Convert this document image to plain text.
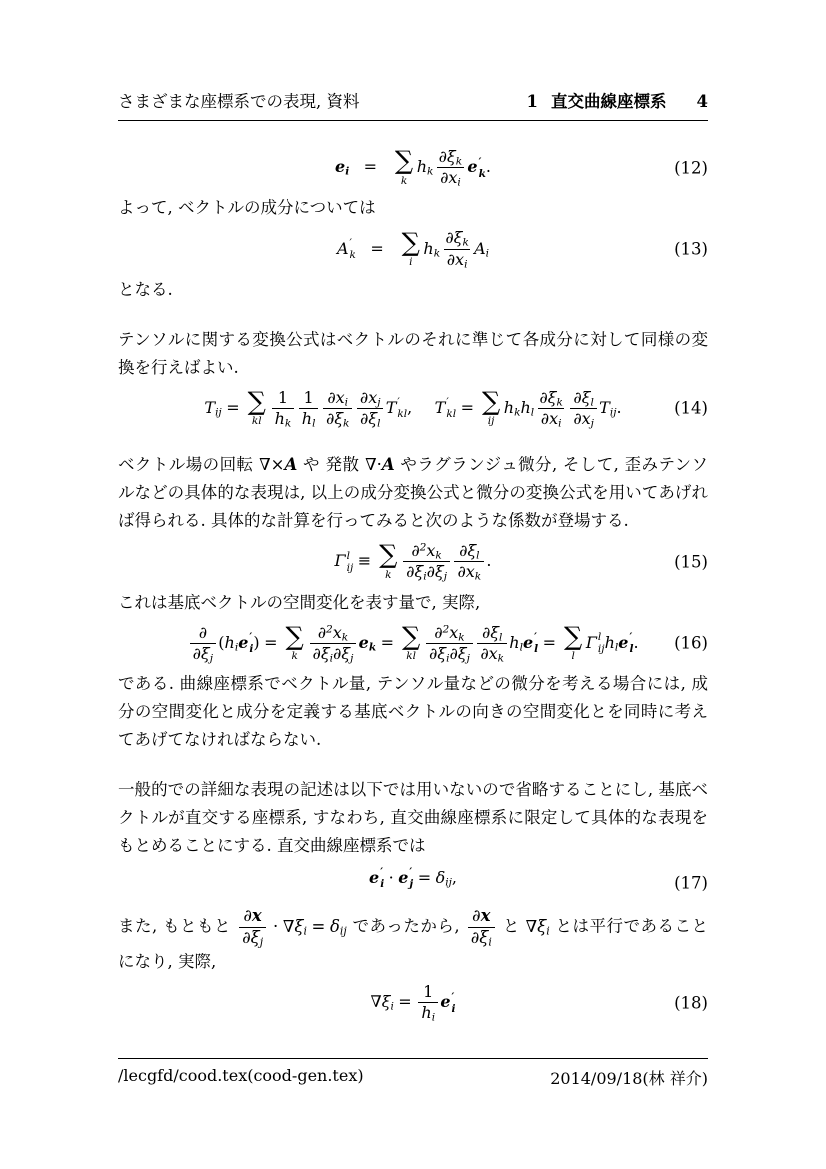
さまざまな座標系での表現, 資料	1 直交曲線座標系 4
ei = ∑
k
hk $\frac{\partial\xi k}{\partial xi}$ e ′
k .	(12)
よって, ベクトルの成分については
A ′
k = ∑
i
hk $\frac{\partial\xi k}{\partial xi}$ Ai	(13)
となる.
テンソルに関する変換公式はベクトルのそれに準じて各成分に対して同様の変換を行えばよい.
Tij = ∑
kl $\frac{1}{hk} \frac{1}{hl} \frac{\partial xi}{\partial\xi k} \frac{\partial xj}{\partial\xi l}$ T ′
kl , T ′
kl = ∑
ij
hkhl $\frac{\partial\xi k}{\partial xi} \frac{\partial\xi l}{\partial xj}$ Tij.	(14)
ベクトル場の回転 ∇×A や 発散 ∇·A やラグランジュ微分, そして, 歪みテンソルなどの具体的な表現は, 以上の成分変換公式と微分の変換公式を用いてあげれば得られる. 具体的な計算を行ってみると次のような係数が登場する.
Γ l
ij ≡ ∑
k $\frac{\partial^2 xk}{\partial\xi i \partial\xi j} \frac{\partial\xi l}{\partial xk}$ .	(15)
これは基底ベクトルの空間変化を表す量で, 実際,
∂
∂ξj
(hie ′
i ) = ∑
k $\frac{\partial^2 xk}{\partial\xi i \partial\xi j}$ ek = ∑
kl $\frac{\partial^2 xk}{\partial\xi i \partial\xi j} \frac{\partial\xi l}{\partial xk}$ hle ′
l = ∑
l
Γ l
ij hle ′
l . (16)
である. 曲線座標系でベクトル量, テンソル量などの微分を考える場合には, 成分の空間変化と成分を定義する基底ベクトルの向きの空間変化とを同時に考えてあげてなければならない.
一般的での詳細な表現の記述は以下では用いないので省略することにし, 基底ベクトルが直交する座標系, すなわち, 直交曲線座標系に限定して具体的な表現をもとめることにする. 直交曲線座標系では
e ′
i · e ′
j = δij,	(17)
また, もともと $\frac{\partial x}{\partial\xi j} \cdot \nabla\xi i = \delta ij$ であったから, $\frac{\partial x}{\partial\xi i}$ と ∇ξi とは平行であることになり, 実際,
$\nabla\xi i = \frac{1}{hi}$ e ′
i	(18)
/lecgfd/cood.tex(cood-gen.tex)	2014/09/18(林 祥介)
